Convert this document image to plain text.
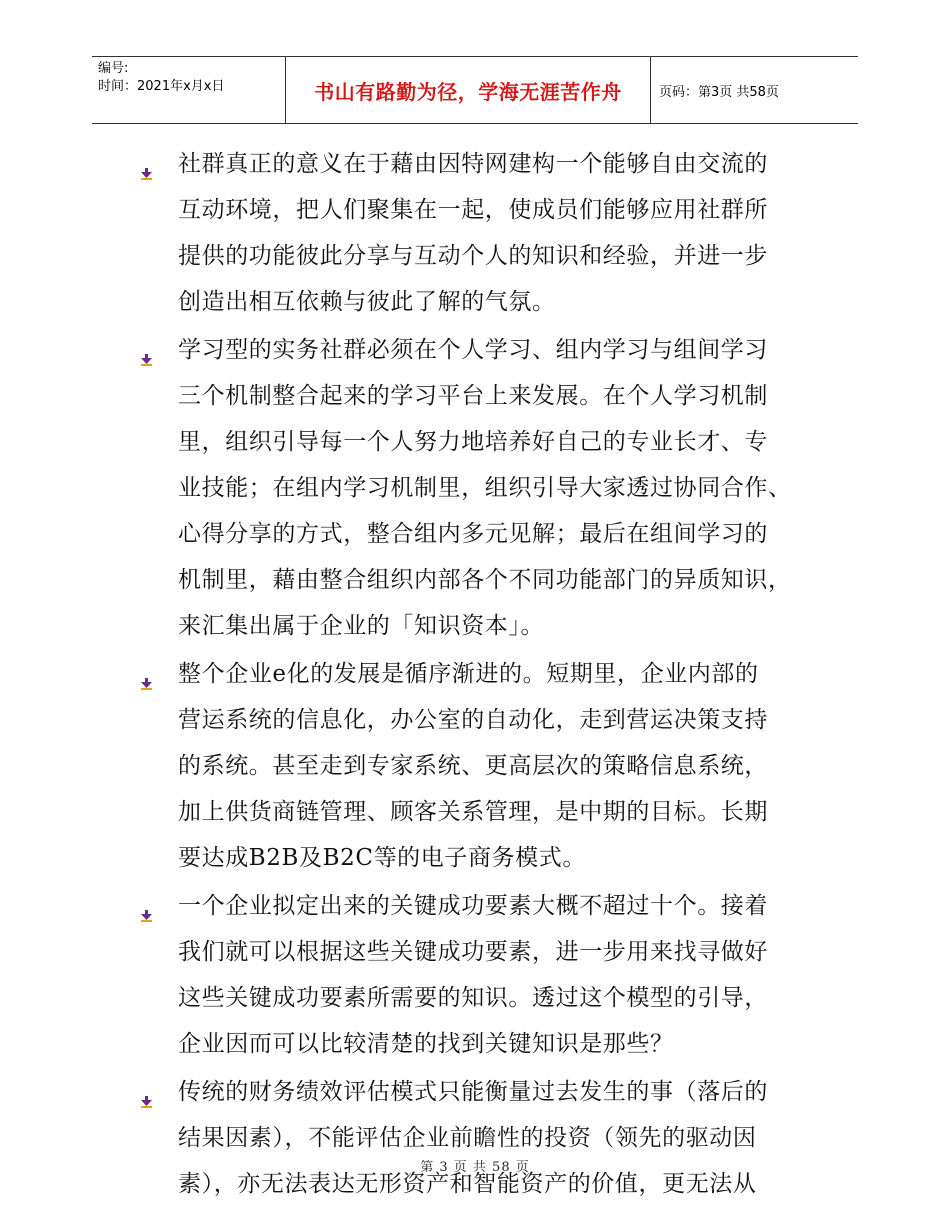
编号:
时间：2021年x月x日	书山有路勤为径，学海无涯苦作舟	页码：第3页 共58页
社群真正的意义在于藉由因特网建构一个能够自由交流的
互动环境，把人们聚集在一起，使成员们能够应用社群所
提供的功能彼此分享与互动个人的知识和经验，并进一步
创造出相互依赖与彼此了解的气氛。
学习型的实务社群必须在个人学习、组内学习与组间学习
三个机制整合起来的学习平台上来发展。在个人学习机制
里，组织引导每一个人努力地培养好自己的专业长才、专
业技能；在组内学习机制里，组织引导大家透过协同合作、
心得分享的方式，整合组内多元见解；最后在组间学习的
机制里，藉由整合组织内部各个不同功能部门的异质知识，
来汇集出属于企业的「知识资本」。
整个企业e化的发展是循序渐进的。短期里，企业内部的
营运系统的信息化，办公室的自动化，走到营运决策支持
的系统。甚至走到专家系统、更高层次的策略信息系统，
加上供货商链管理、顾客关系管理，是中期的目标。长期
要达成B2B及B2C等的电子商务模式。
一个企业拟定出来的关键成功要素大概不超过十个。接着
我们就可以根据这些关键成功要素，进一步用来找寻做好
这些关键成功要素所需要的知识。透过这个模型的引导，
企业因而可以比较清楚的找到关键知识是那些？
传统的财务绩效评估模式只能衡量过去发生的事（落后的
结果因素），不能评估企业前瞻性的投资（领先的驱动因
素），亦无法表达无形资产和智能资产的价值，更无法从
第 3 页 共 58 页
